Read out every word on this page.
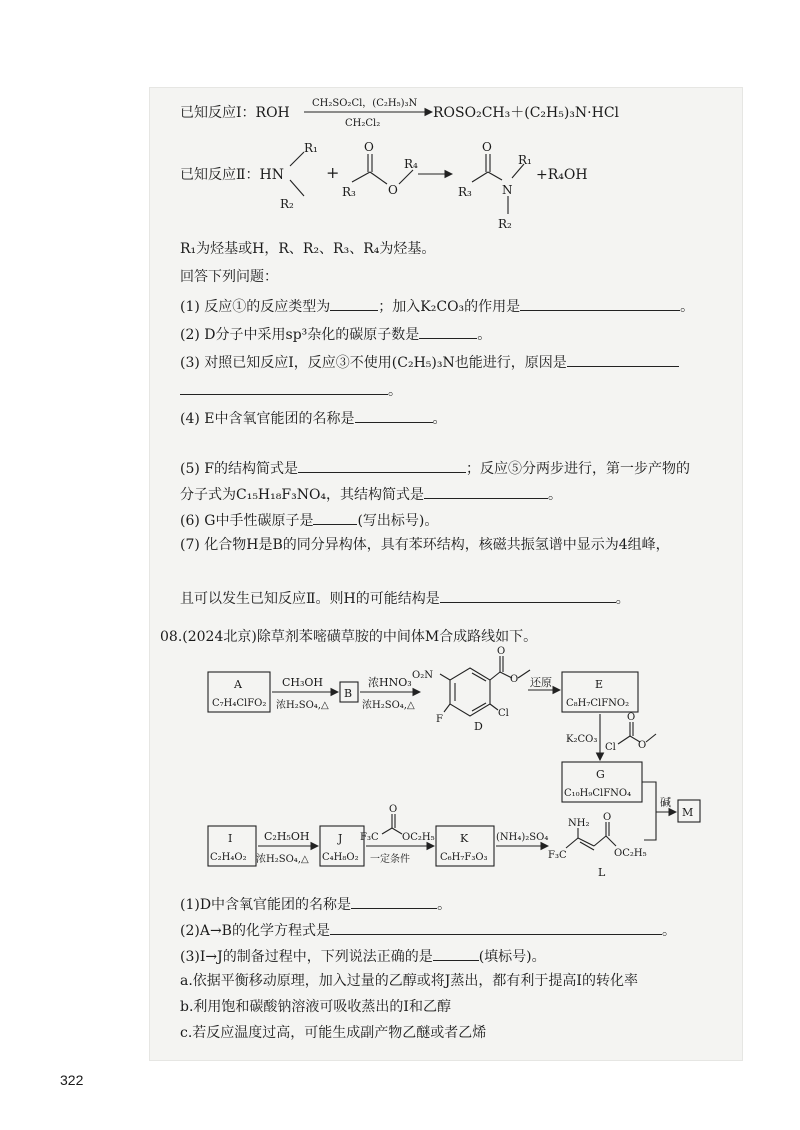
已知反应Ⅰ：ROH
CH₂SO₂Cl，(C₂H₅)₃N
CH₂Cl₂
R₁
R₂
+
O
O
R₃
R₄
O
N
R₃
R₁
R₂
A
C₇H₄ClFO₂
CH₃OH
浓H₂SO₄,△
B
浓HNO₃
浓H₂SO₄,△
O₂N
F
Cl
O
O
D
还原	E
C₈H₇ClFNO₂
K₂CO₃
Cl
O
O
G
C₁₀H₉ClFNO₄
碱
M
I
C₂H₄O₂
C₂H₅OH
浓H₂SO₄,△
J
C₄H₈O₂
F₃C
O
OC₂H₅
一定条件
K
C₆H₇F₃O₃
(NH₄)₂SO₄
NH₂
F₃C
O
OC₂H₅
L
ROSO₂CH₃＋(C₂H₅)₃N·HCl
已知反应Ⅱ：HN	+R₄OH
R₁为烃基或H，R、R₂、R₃、R₄为烃基。
回答下列问题：
(1) 反应①的反应类型为	；加入K₂CO₃的作用是	。
(2) D分子中采用sp³杂化的碳原子数是	。
(3) 对照已知反应Ⅰ，反应③不使用(C₂H₅)₃N也能进行，原因是
。
(4) E中含氧官能团的名称是	。
(5) F的结构简式是	；反应⑤分两步进行，第一步产物的
分子式为C₁₅H₁₈F₃NO₄，其结构简式是	。
(6) G中手性碳原子是	(写出标号)。
(7) 化合物H是B的同分异构体，具有苯环结构，核磁共振氢谱中显示为4组峰，
且可以发生已知反应Ⅱ。则H的可能结构是	。
08.(2024北京)除草剂苯嘧磺草胺的中间体M合成路线如下。
(1)D中含氧官能团的名称是	。
(2)A→B的化学方程式是	。
(3)I→J的制备过程中，下列说法正确的是	(填标号)。
a.依据平衡移动原理，加入过量的乙醇或将J蒸出，都有利于提高I的转化率
b.利用饱和碳酸钠溶液可吸收蒸出的I和乙醇
c.若反应温度过高，可能生成副产物乙醚或者乙烯
322
